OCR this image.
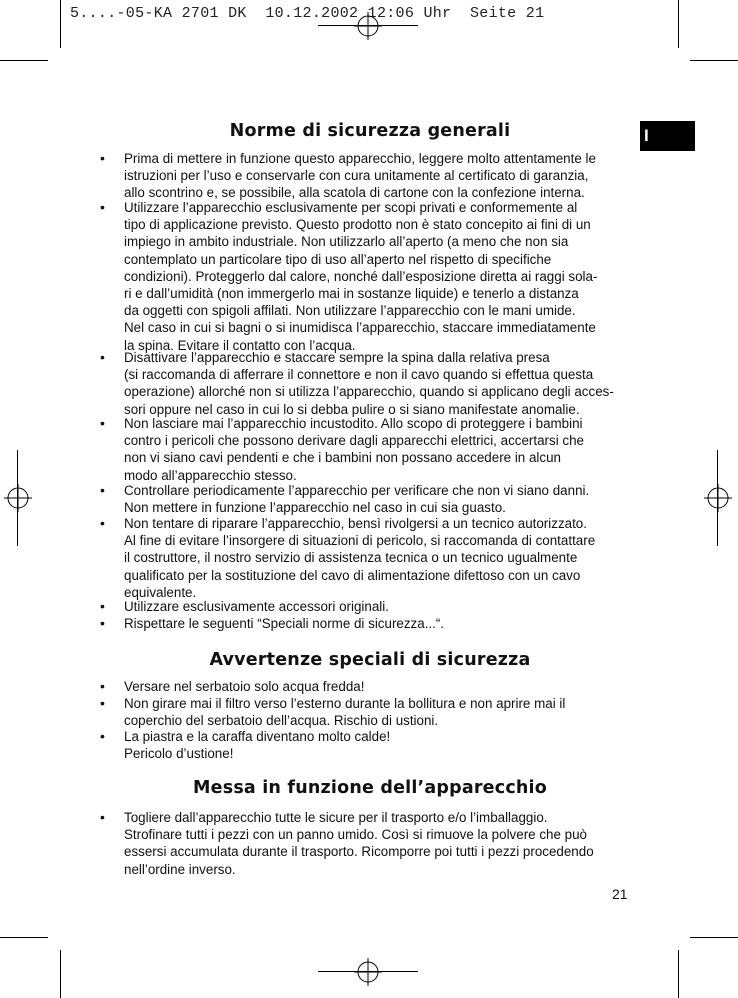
5....-05-KA 2701 DK  10.12.2002 12:06 Uhr  Seite 21
I
Norme di sicurezza generali
• Prima di mettere in funzione questo apparecchio, leggere molto attentamente le
istruzioni per l’uso e conservarle con cura unitamente al certificato di garanzia,
allo scontrino e, se possibile, alla scatola di cartone con la confezione interna.
• Utilizzare l’apparecchio esclusivamente per scopi privati e conformemente al
tipo di applicazione previsto. Questo prodotto non è stato concepito ai fini di un
impiego in ambito industriale. Non utilizzarlo all’aperto (a meno che non sia
contemplato un particolare tipo di uso all’aperto nel rispetto di specifiche
condizioni). Proteggerlo dal calore, nonché dall’esposizione diretta ai raggi sola-
ri e dall’umidità (non immergerlo mai in sostanze liquide) e tenerlo a distanza
da oggetti con spigoli affilati. Non utilizzare l’apparecchio con le mani umide.
Nel caso in cui si bagni o si inumidisca l’apparecchio, staccare immediatamente
la spina. Evitare il contatto con l’acqua.
• Disattivare l’apparecchio e staccare sempre la spina dalla relativa presa
(si raccomanda di afferrare il connettore e non il cavo quando si effettua questa
operazione) allorché non si utilizza l’apparecchio, quando si applicano degli acces-
sori oppure nel caso in cui lo si debba pulire o si siano manifestate anomalie.
• Non lasciare mai l’apparecchio incustodito. Allo scopo di proteggere i bambini
contro i pericoli che possono derivare dagli apparecchi elettrici, accertarsi che
non vi siano cavi pendenti e che i bambini non possano accedere in alcun
modo all’apparecchio stesso.
• Controllare periodicamente l’apparecchio per verificare che non vi siano danni.
Non mettere in funzione l’apparecchio nel caso in cui sia guasto.
• Non tentare di riparare l’apparecchio, bensì rivolgersi a un tecnico autorizzato.
Al fine di evitare l’insorgere di situazioni di pericolo, si raccomanda di contattare
il costruttore, il nostro servizio di assistenza tecnica o un tecnico ugualmente
qualificato per la sostituzione del cavo di alimentazione difettoso con un cavo
equivalente.
• Utilizzare esclusivamente accessori originali.
• Rispettare le seguenti “Speciali norme di sicurezza...“.
Avvertenze speciali di sicurezza
• Versare nel serbatoio solo acqua fredda!
• Non girare mai il filtro verso l’esterno durante la bollitura e non aprire mai il
coperchio del serbatoio dell’acqua. Rischio di ustioni.
• La piastra e la caraffa diventano molto calde!
Pericolo d’ustione!
Messa in funzione dell’apparecchio
• Togliere dall’apparecchio tutte le sicure per il trasporto e/o l’imballaggio.
Strofinare tutti i pezzi con un panno umido. Così si rimuove la polvere che può
essersi accumulata durante il trasporto. Ricomporre poi tutti i pezzi procedendo
nell’ordine inverso.
21
